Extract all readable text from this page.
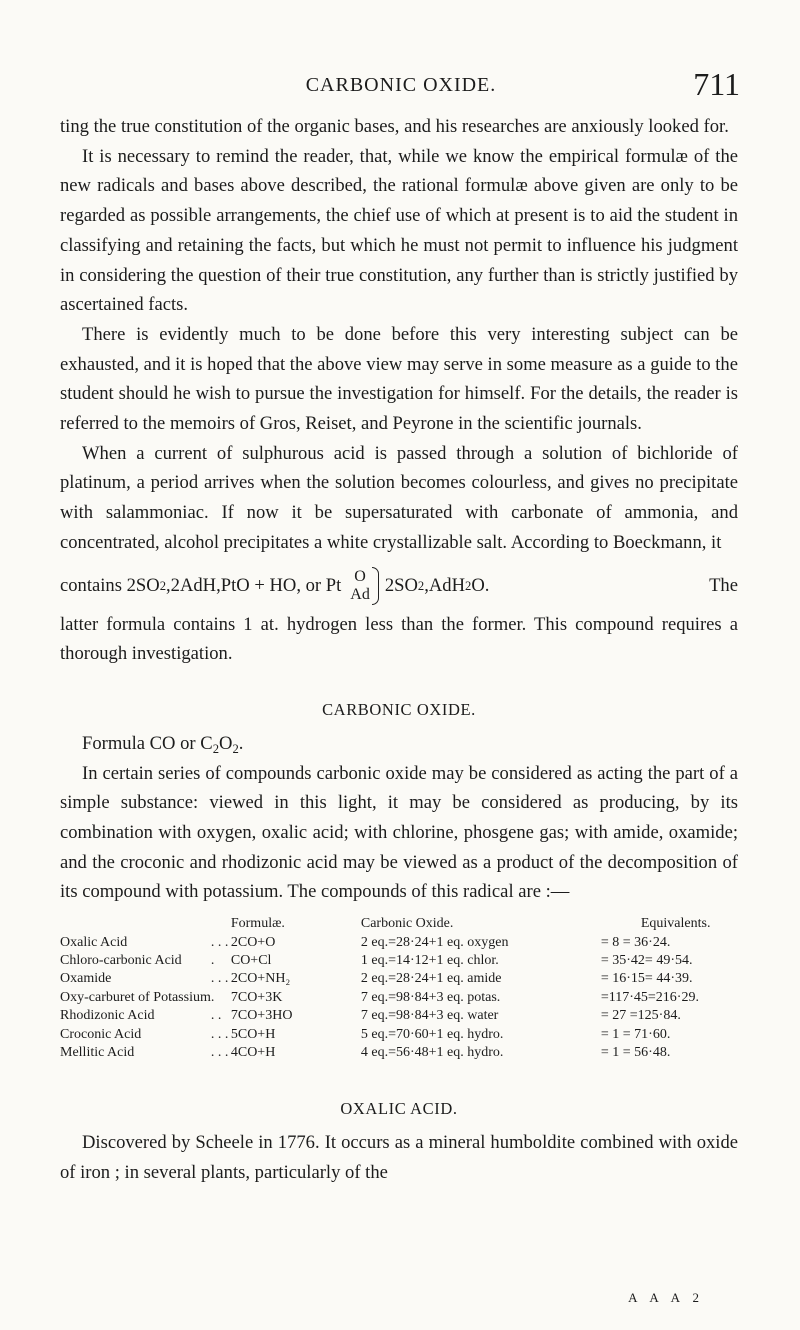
CARBONIC OXIDE.	711

ting the true constitution of the organic bases, and his researches are anxiously looked for.

It is necessary to remind the reader, that, while we know the empirical formulæ of the new radicals and bases above described, the rational formulæ above given are only to be regarded as possible arrangements, the chief use of which at present is to aid the student in classifying and retaining the facts, but which he must not permit to influence his judgment in considering the question of their true constitution, any further than is strictly justified by ascertained facts.

There is evidently much to be done before this very interesting subject can be exhausted, and it is hoped that the above view may serve in some measure as a guide to the student should he wish to pursue the investigation for himself. For the details, the reader is referred to the memoirs of Gros, Reiset, and Peyrone in the scientific journals.

When a current of sulphurous acid is passed through a solution of bichloride of platinum, a period arrives when the solution becomes colourless, and gives no precipitate with salammoniac. If now it be supersaturated with carbonate of ammonia, and concentrated, alcohol precipitates a white crystallizable salt. According to Boeckmann, it

contains 2SO 2 ,2AdH,PtO + HO, or Pt O
Ad 2SO 2 ,AdH 2 O.	The

latter formula contains 1 at. hydrogen less than the former. This compound requires a thorough investigation.

CARBONIC OXIDE.

Formula CO or $C_2O_2$.

In certain series of compounds carbonic oxide may be considered as acting the part of a simple substance: viewed in this light, it may be considered as producing, by its combination with oxygen, oxalic acid; with chlorine, phosgene gas; with amide, oxamide; and the croconic and rhodizonic acid may be viewed as a product of the decomposition of its compound with potassium. The compounds of this radical are :—

		Formulæ.	Carbonic Oxide.	Equivalents.
Oxalic Acid	. . .	2CO+O	2 eq.=28·24+1 eq. oxygen	= 8 = 36·24.
Chloro-carbonic Acid	.	CO+Cl	1 eq.=14·12+1 eq. chlor.	= 35·42= 49·54.
Oxamide	. . .	2CO+NH₂	2 eq.=28·24+1 eq. amide	= 16·15= 44·39.
Oxy-carburet of Potassium	.	7CO+3K	7 eq.=98·84+3 eq. potas.	=117·45=216·29.
Rhodizonic Acid	. .	7CO+3HO	7 eq.=98·84+3 eq. water	= 27 =125·84.
Croconic Acid	. . .	5CO+H	5 eq.=70·60+1 eq. hydro.	= 1 = 71·60.
Mellitic Acid	. . .	4CO+H	4 eq.=56·48+1 eq. hydro.	= 1 = 56·48.
OXALIC ACID.

Discovered by Scheele in 1776. It occurs as a mineral humboldite combined with oxide of iron ; in several plants, particularly of the

A A A 2
